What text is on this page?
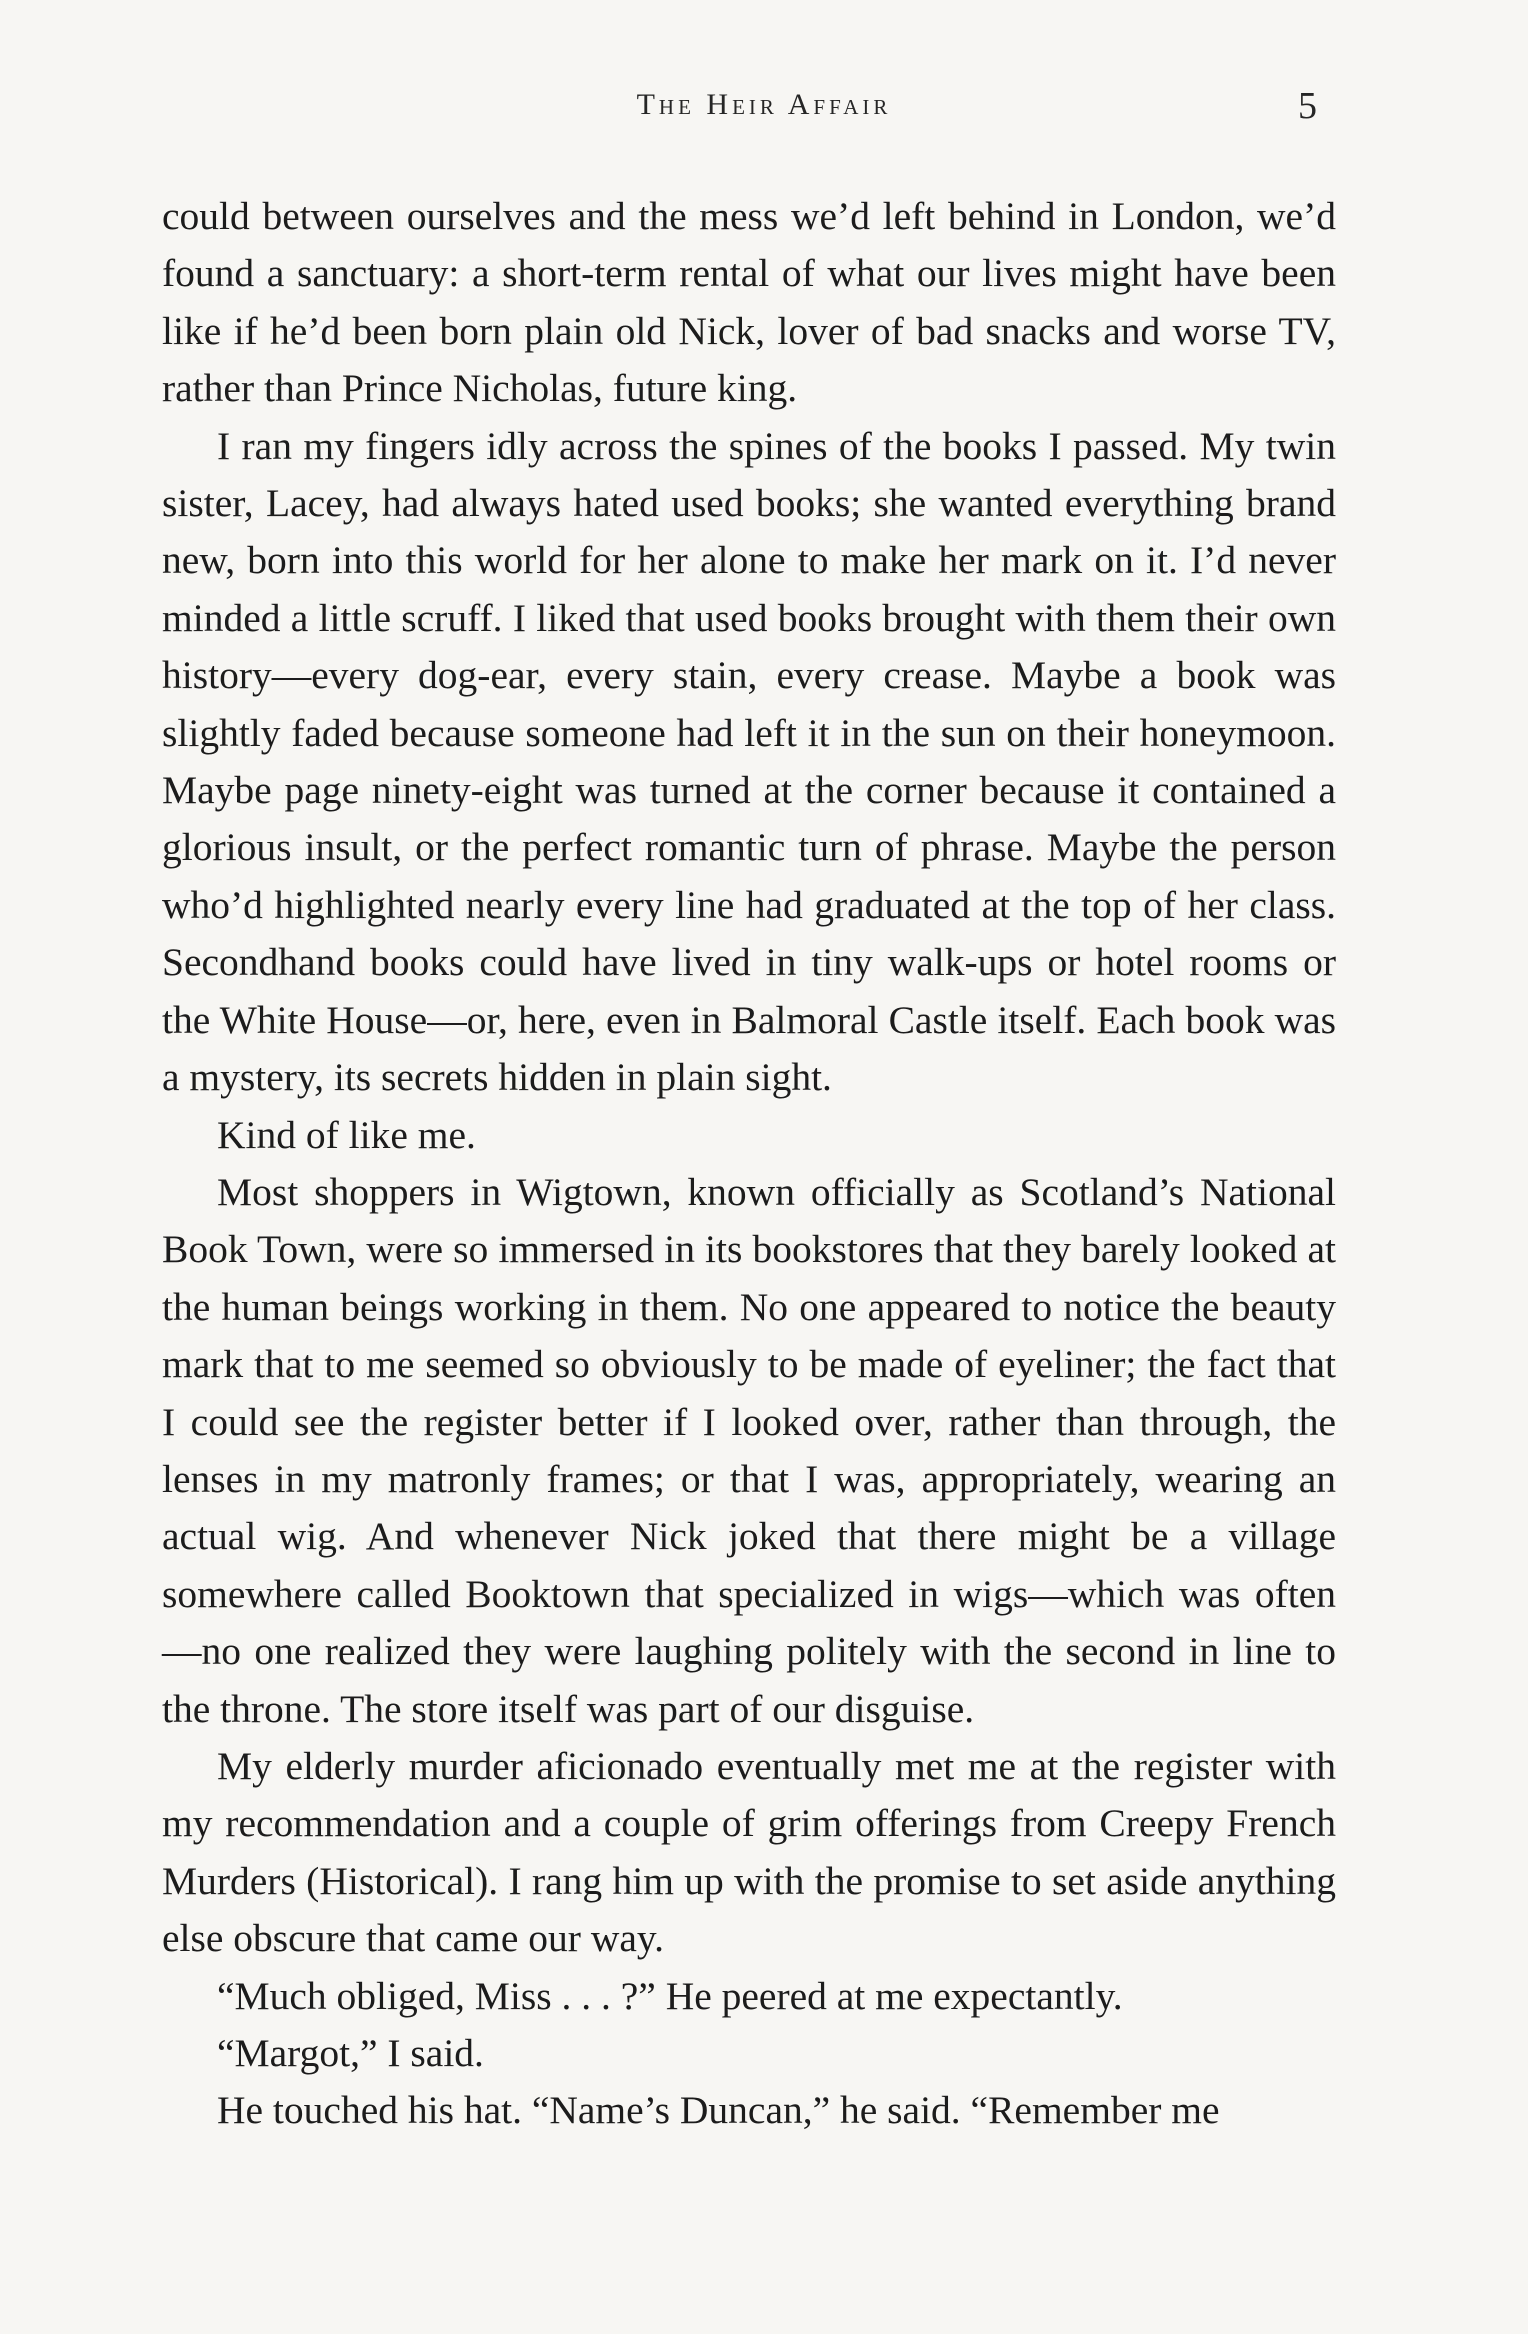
The Heir Affair	5

could between ourselves and the mess we’d left behind in London, we’d found a sanctuary: a short-term rental of what our lives might have been like if he’d been born plain old Nick, lover of bad snacks and worse TV, rather than Prince Nicholas, future king.

I ran my fingers idly across the spines of the books I passed. My twin sister, Lacey, had always hated used books; she wanted everything brand new, born into this world for her alone to make her mark on it. I’d never minded a little scruff. I liked that used books brought with them their own history—every dog-ear, every stain, every crease. Maybe a book was slightly faded because someone had left it in the sun on their honeymoon. Maybe page ninety-eight was turned at the corner because it contained a glorious insult, or the perfect romantic turn of phrase. Maybe the person who’d highlighted nearly every line had graduated at the top of her class. Secondhand books could have lived in tiny walk-ups or hotel rooms or the White House—or, here, even in Balmoral Castle itself. Each book was a mystery, its secrets hidden in plain sight.

Kind of like me.

Most shoppers in Wigtown, known officially as Scotland’s National Book Town, were so immersed in its bookstores that they barely looked at the human beings working in them. No one appeared to notice the beauty mark that to me seemed so obviously to be made of eyeliner; the fact that I could see the register better if I looked over, rather than through, the lenses in my matronly frames; or that I was, appropriately, wearing an actual wig. And whenever Nick joked that there might be a village somewhere called Booktown that specialized in wigs—which was often—no one realized they were laughing politely with the second in line to the throne. The store itself was part of our disguise.

My elderly murder aficionado eventually met me at the register with my recommendation and a couple of grim offerings from Creepy French Murders (Historical). I rang him up with the promise to set aside anything else obscure that came our way.

“Much obliged, Miss . . . ?” He peered at me expectantly.

“Margot,” I said.

He touched his hat. “Name’s Duncan,” he said. “Remember me
